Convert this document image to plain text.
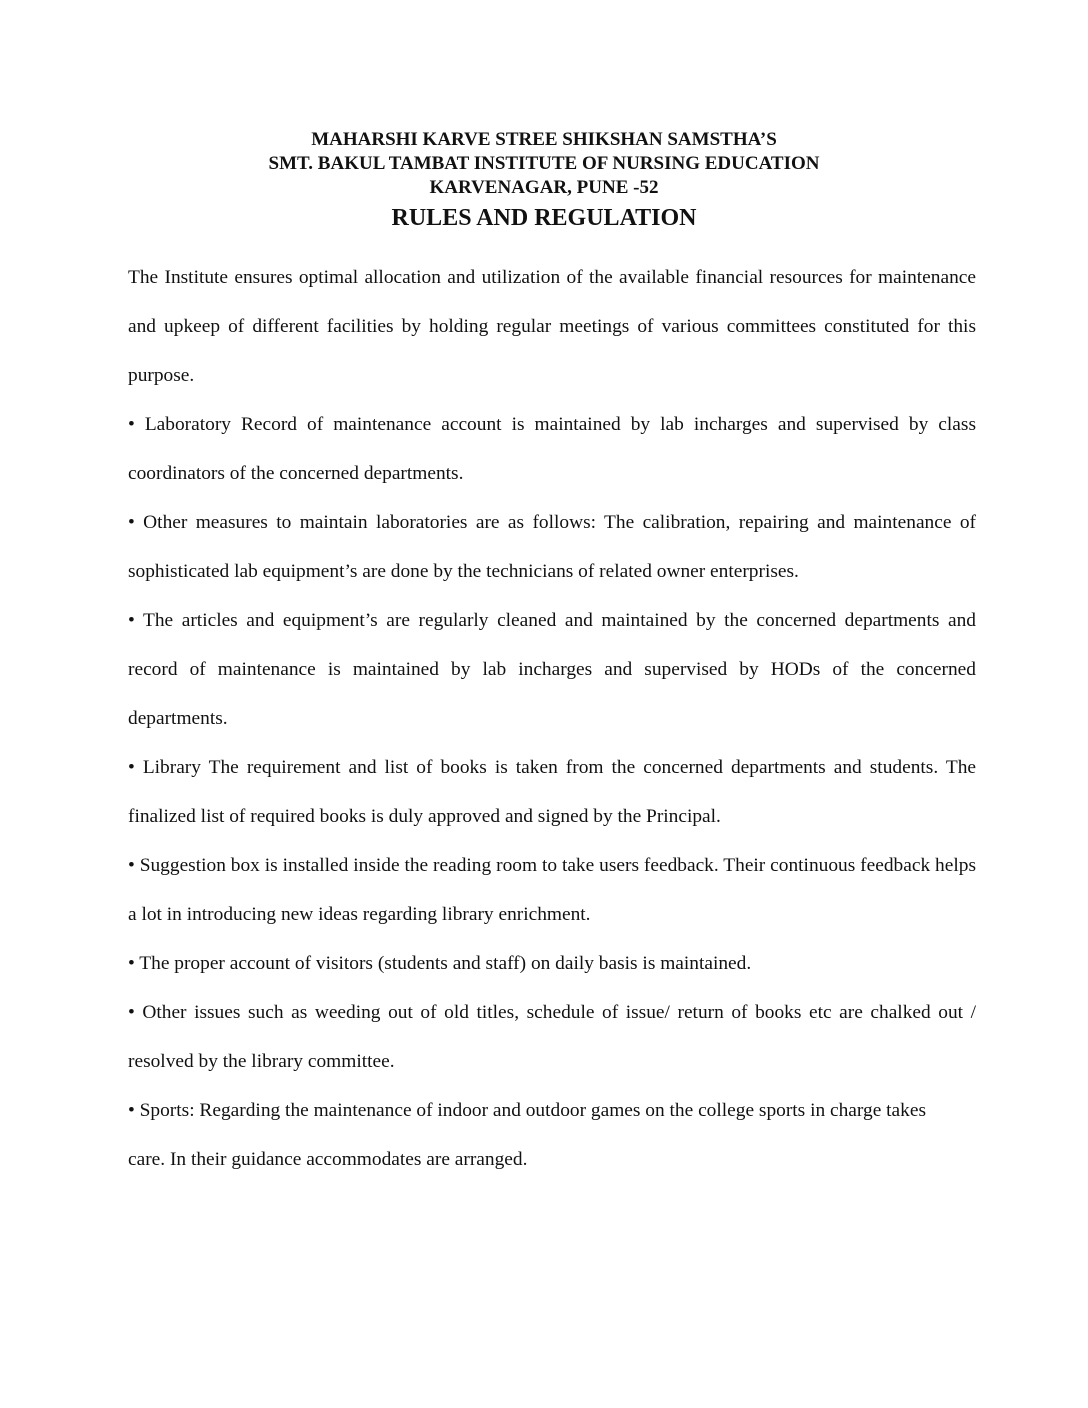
MAHARSHI KARVE STREE SHIKSHAN SAMSTHA’S
SMT. BAKUL TAMBAT INSTITUTE OF NURSING EDUCATION
KARVENAGAR, PUNE -52
RULES AND REGULATION

The Institute ensures optimal allocation and utilization of the available financial resources for maintenance and upkeep of different facilities by holding regular meetings of various committees constituted for this purpose.

• Laboratory Record of maintenance account is maintained by lab incharges and supervised by class coordinators of the concerned departments.

• Other measures to maintain laboratories are as follows: The calibration, repairing and maintenance of sophisticated lab equipment’s are done by the technicians of related owner enterprises.

• The articles and equipment’s are regularly cleaned and maintained by the concerned departments and record of maintenance is maintained by lab incharges and supervised by HODs of the concerned departments.

• Library The requirement and list of books is taken from the concerned departments and students. The finalized list of required books is duly approved and signed by the Principal.

• Suggestion box is installed inside the reading room to take users feedback. Their continuous feedback helps a lot in introducing new ideas regarding library enrichment.

• The proper account of visitors (students and staff) on daily basis is maintained.

• Other issues such as weeding out of old titles, schedule of issue/ return of books etc are chalked out / resolved by the library committee.

• Sports: Regarding the maintenance of indoor and outdoor games on the college sports in charge takes

care. In their guidance accommodates are arranged.
